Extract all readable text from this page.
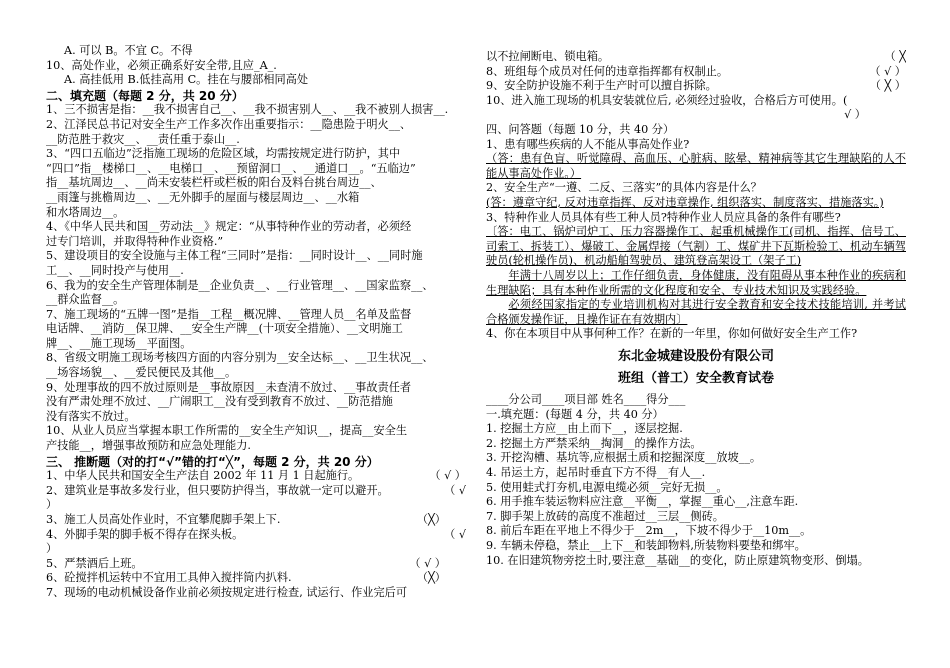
A. 可以 B。不宜 C。不得
10、高处作业，必须正确系好安全带,且应_A_.
A. 高挂低用 B.低挂高用 C。挂在与腰部相同高处
二、填充题（每题 2 分，共 20 分）
1、三不损害是指：__我不损害自己__、__我不损害别人__、__我不被别人损害__.
2、江泽民总书记对安全生产工作多次作出重要指示：__隐患险于明火__、
__防范胜于救灾__、__责任重于泰山__.
3、“四口五临边”泛指施工现场的危险区域，均需按规定进行防护，其中
“四口”指__楼梯口__、__电梯口__、__预留洞口__、__通道口__。“五临边”
指__基坑周边__、__尚未安装栏杆或栏板的阳台及料台挑台周边__、
__雨篷与挑檐周边__、__无外脚手的屋面与楼层周边__、__水箱
和水塔周边__。
4、《中华人民共和国__劳动法__》规定：“从事特种作业的劳动者，必须经
过专门培训，并取得特种作业资格.”
5、建设项目的安全设施与主体工程“三同时”是指：__同时设计__、__同时施
工__、__同时投产与使用__.
6、我为的安全生产管理体制是__企业负责__、__行业管理__、__国家监察__、
__群众监督__。
7、施工现场的“五牌一图”是指__工程__概况牌、__管理人员__名单及监督
电话牌、__消防__保卫牌、__安全生产牌__(十项安全措施）、__文明施工
牌__、__施工现场__平面图。
8、省级文明施工现场考核四方面的内容分别为__安全达标__、__卫生状况__、
__场容场貌__、__爱民便民及其他__。
9、处理事故的四不放过原则是__事故原因__未查清不放过、__事故责任者
没有严肃处理不放过、__广闹职工__没有受到教育不放过、__防范措施
没有落实不放过。
10、从业人员应当掌握本职工作所需的__安全生产知识__，提高__安全生
产技能__，增强事故预防和应急处理能力.
三、 推断题（对的打“√”错的打“╳”，每题 2 分，共 20 分）
（ √ ）
1、中华人民共和国安全生产法自 2002 年 11 月 1 日起施行。
（ √
2、建筑业是事故多发行业，但只要防护得当，事故就一定可以避开。
）
（╳）
3、施工人员高处作业时，不宜攀爬脚手架上下.
（ √
4、外脚手架的脚手板不得存在探头板。
）
（ √ ）
5、严禁酒后上班。
（╳）
6、砼搅拌机运转中不宜用工具伸入搅拌筒内扒料.
7、现场的电动机械设备作业前必须按规定进行检查, 试运行、作业完后可
（ ╳
以不拉闸断电、锁电箱。
（ √ ）
8、班组每个成员对任何的违章指挥都有权制止。
（ ╳ ）
9、安全防护设施不利于生产时可以擅自拆除。
10、进入施工现场的机具安装就位后, 必须经过验收，合格后方可使用。(
√ ）
四、问答题（每题 10 分，共 40 分）
1、患有哪些疾病的人不能从事高处作业?
（答：患有色盲、听觉障碍、高血压、心脏病、眩晕、精神病等其它生理缺陷的人不能从事高处作业。）
2、安全生产“一遵、二反、三落实”的具体内容是什么？
(答：遵章守纪, 反对违章指挥、反对违章操作, 组织落实、制度落实、措施落实。)
3、特种作业人员具体有些工种人员?特种作业人员应具备的条件有哪些?
〔答：电工、锅炉司炉工、压力容器操作工、起重机械操作工(司机、指挥、信号工、司索工、拆装工）、爆破工、金属焊接（气割）工、煤矿井下瓦斯检验工、机动车辆驾驶员(轮机操作员)、机动船舶驾驶员、建筑登高架设工（架子工)
年满十八周岁以上；工作仔细负责，身体健康，没有阻碍从事本种作业的疾病和生理缺陷；具有本种作业所需的文化程度和安全、专业技术知识及实践经验。
必须经国家指定的专业培训机构对其进行安全教育和安全技术技能培训, 并考试合格颁发操作证，且操作证在有效期内〕
4、你在本项目中从事何种工作？在新的一年里，你如何做好安全生产工作?
东北金城建设股份有限公司
班组（普工）安全教育试卷
____分公司____项目部 姓名____得分___
一.填充题：(每题 4 分，共 40 分）
1. 挖掘土方应__由上而下__，逐层挖掘.
2. 挖掘土方严禁采纳__掏洞__的操作方法。
3. 开挖沟槽、基坑等,应根据土质和挖掘深度__放坡__。
4. 吊运土方，起吊时垂直下方不得__有人__.
5. 使用蛙式打夯机,电源电缆必须__完好无损__。
6. 用手推车装运物料应注意__平衡__，掌握__重心__,注意车距.
7. 脚手架上放砖的高度不准超过__三层__侧砖。
8. 前后车距在平地上不得少于__2m__，下坡不得少于__10m__。
9. 车辆未停稳，禁止__上下__和装卸物料,所装物料要垫和绑牢。
10. 在旧建筑物旁挖土时,要注意__基础__的变化，防止原建筑物变形、倒塌。
